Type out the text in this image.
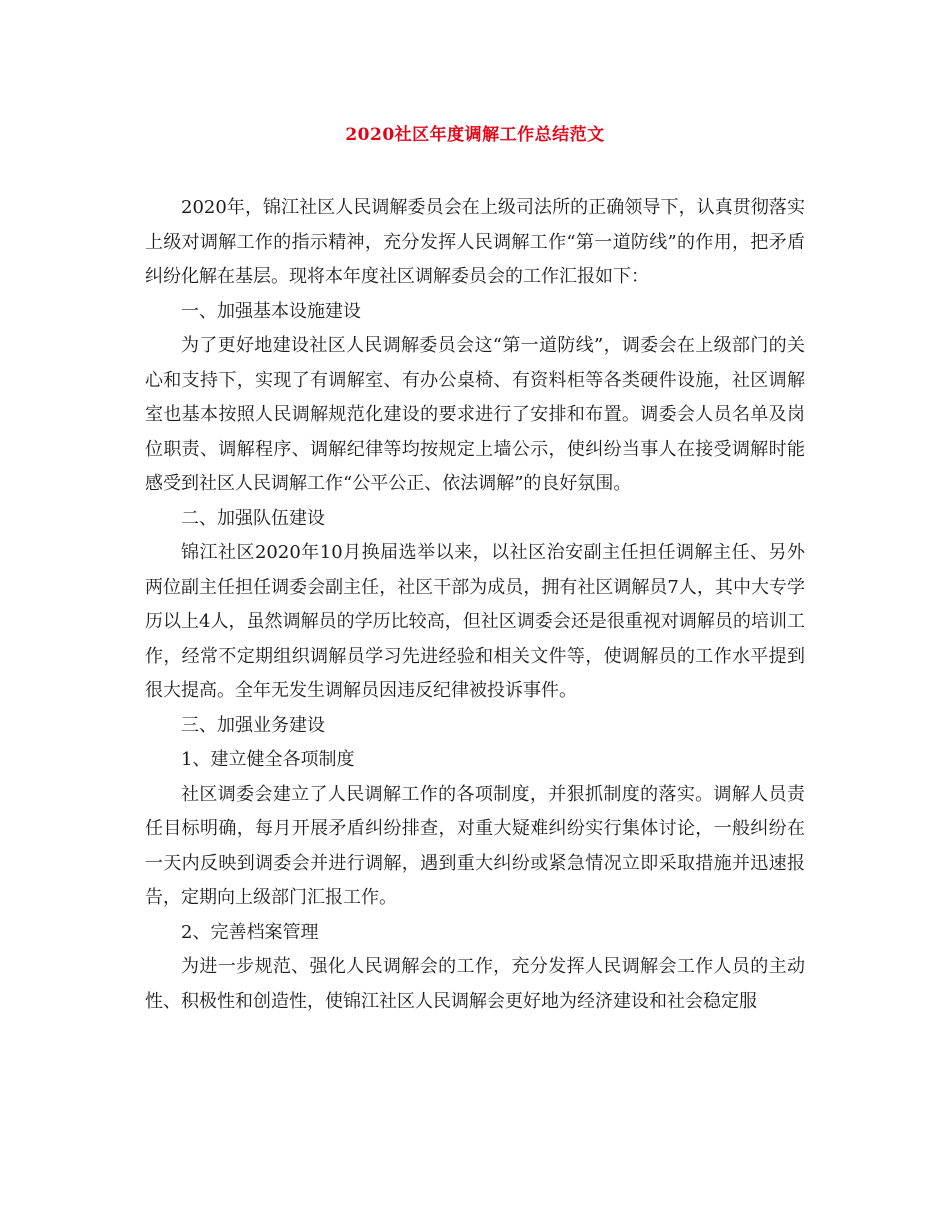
2020社区年度调解工作总结范文

2020年，锦江社区人民调解委员会在上级司法所的正确领导下，认真贯彻落实上级对调解工作的指示精神，充分发挥人民调解工作“第一道防线”的作用，把矛盾纠纷化解在基层。现将本年度社区调解委员会的工作汇报如下：

一、加强基本设施建设

为了更好地建设社区人民调解委员会这“第一道防线”，调委会在上级部门的关心和支持下，实现了有调解室、有办公桌椅、有资料柜等各类硬件设施，社区调解室也基本按照人民调解规范化建设的要求进行了安排和布置。调委会人员名单及岗位职责、调解程序、调解纪律等均按规定上墙公示，使纠纷当事人在接受调解时能感受到社区人民调解工作“公平公正、依法调解”的良好氛围。

二、加强队伍建设

锦江社区2020年10月换届选举以来，以社区治安副主任担任调解主任、另外两位副主任担任调委会副主任，社区干部为成员，拥有社区调解员7人，其中大专学历以上4人，虽然调解员的学历比较高，但社区调委会还是很重视对调解员的培训工作，经常不定期组织调解员学习先进经验和相关文件等，使调解员的工作水平提到很大提高。全年无发生调解员因违反纪律被投诉事件。

三、加强业务建设

1、建立健全各项制度

社区调委会建立了人民调解工作的各项制度，并狠抓制度的落实。调解人员责任目标明确，每月开展矛盾纠纷排查，对重大疑难纠纷实行集体讨论，一般纠纷在一天内反映到调委会并进行调解，遇到重大纠纷或紧急情况立即采取措施并迅速报告，定期向上级部门汇报工作。

2、完善档案管理

为进一步规范、强化人民调解会的工作，充分发挥人民调解会工作人员的主动性、积极性和创造性，使锦江社区人民调解会更好地为经济建设和社会稳定服
